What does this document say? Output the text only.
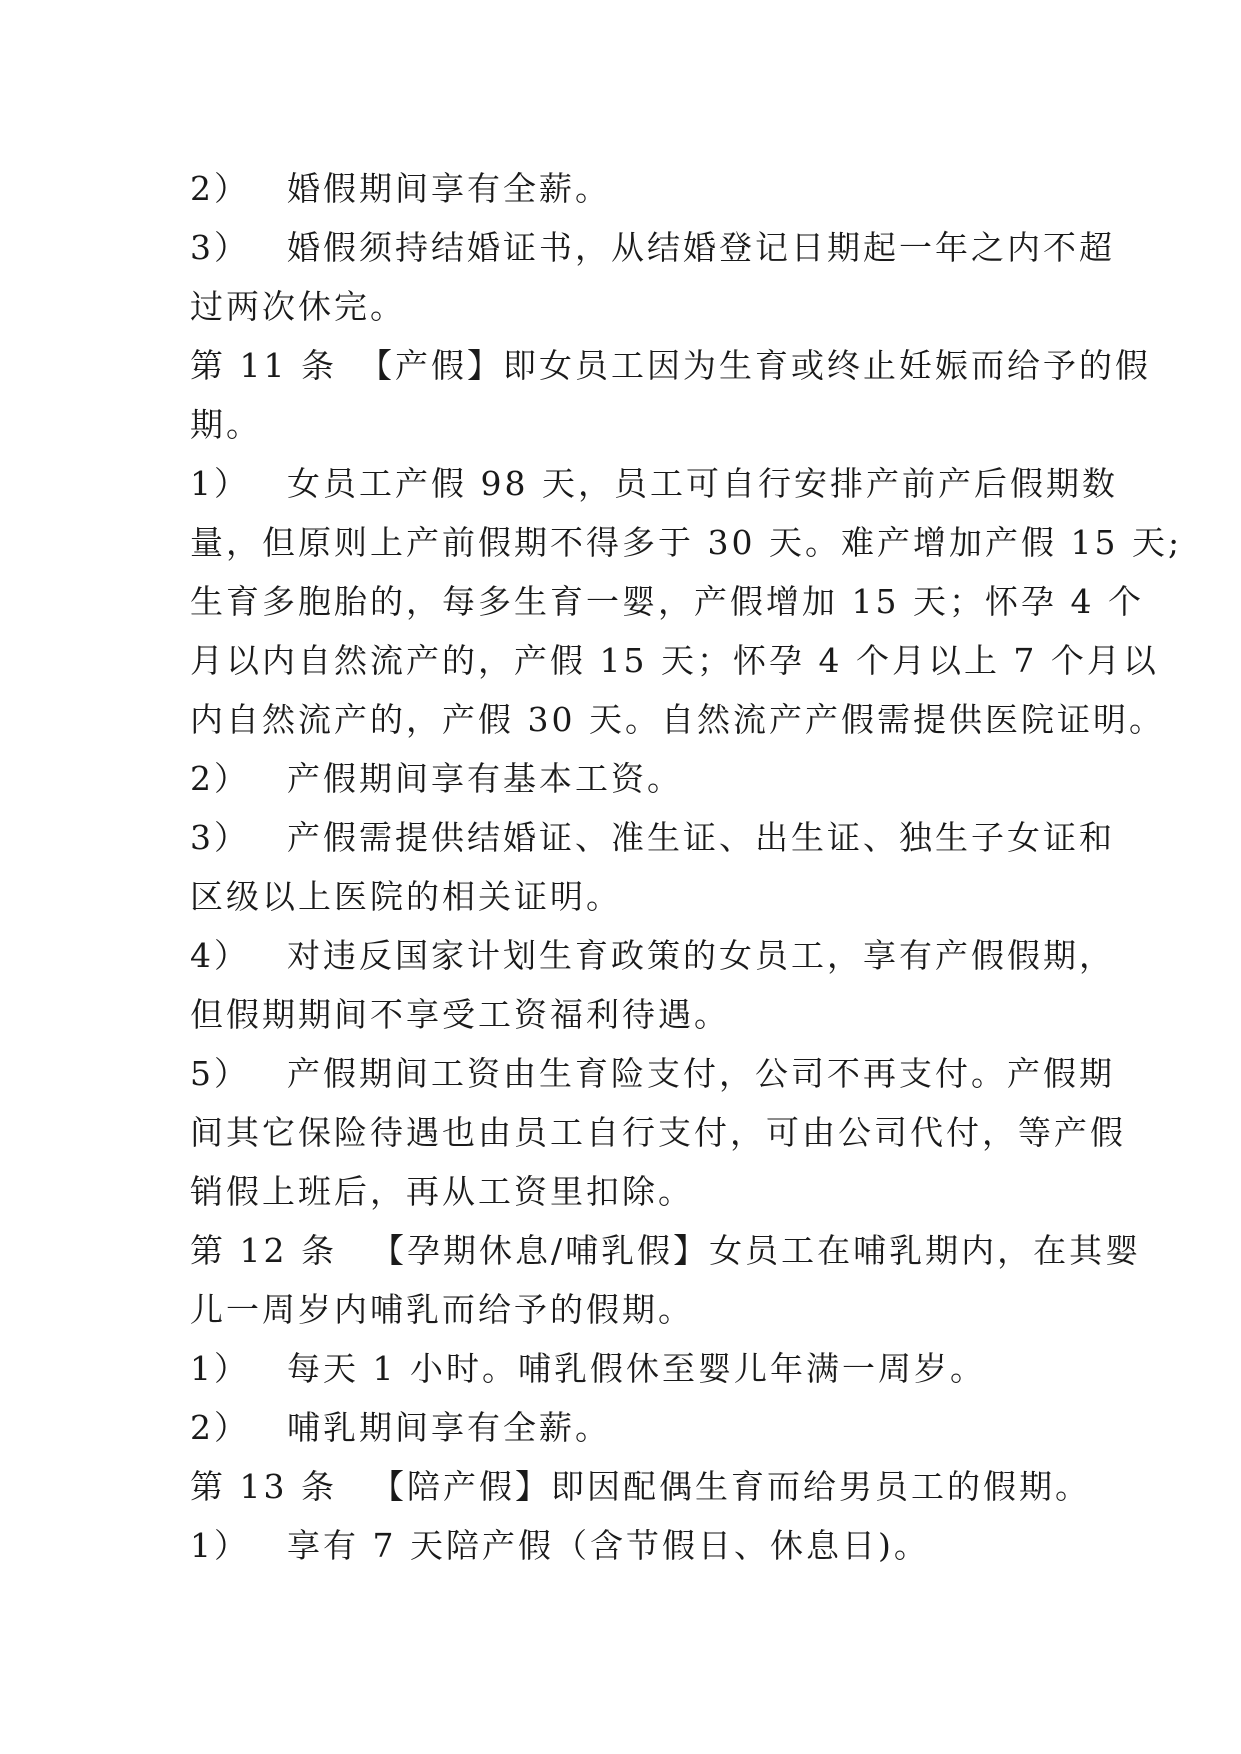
2） 婚假期间享有全薪。
3） 婚假须持结婚证书，从结婚登记日期起一年之内不超
过两次休完。
第 11 条 【产假】即女员工因为生育或终止妊娠而给予的假
期。
1） 女员工产假 98 天，员工可自行安排产前产后假期数
量，但原则上产前假期不得多于 30 天。难产增加产假 15 天;
生育多胞胎的，每多生育一婴，产假增加 15 天；怀孕 4 个
月以内自然流产的，产假 15 天；怀孕 4 个月以上 7 个月以
内自然流产的，产假 30 天。自然流产产假需提供医院证明。
2） 产假期间享有基本工资。
3） 产假需提供结婚证、准生证、出生证、独生子女证和
区级以上医院的相关证明。
4） 对违反国家计划生育政策的女员工，享有产假假期，
但假期期间不享受工资福利待遇。
5） 产假期间工资由生育险支付，公司不再支付。产假期
间其它保险待遇也由员工自行支付，可由公司代付，等产假
销假上班后，再从工资里扣除。
第 12 条 【孕期休息/哺乳假】女员工在哺乳期内，在其婴
儿一周岁内哺乳而给予的假期。
1） 每天 1 小时。哺乳假休至婴儿年满一周岁。
2） 哺乳期间享有全薪。
第 13 条 【陪产假】即因配偶生育而给男员工的假期。
1） 享有 7 天陪产假（含节假日、休息日)。
